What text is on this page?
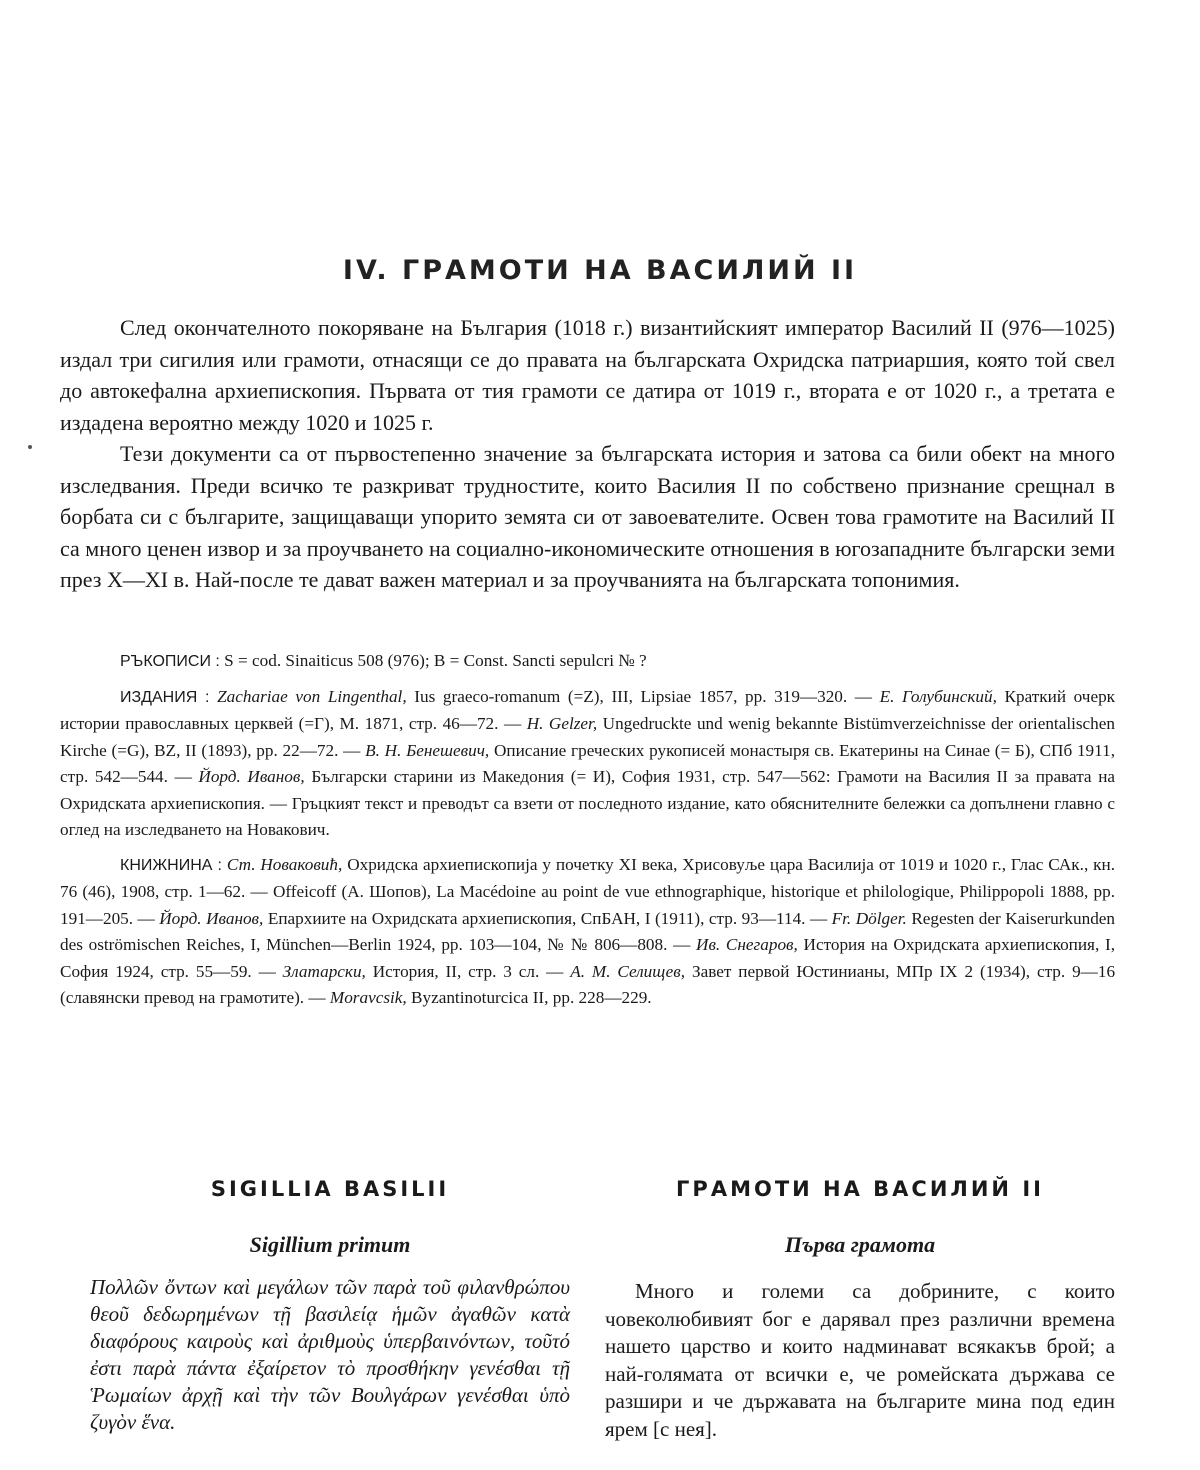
IV. ГРАМОТИ НА ВАСИЛИЙ II

След окончателното покоряване на България (1018 г.) византийският император Василий II (976—1025) издал три сигилия или грамоти, отнасящи се до правата на българската Охридска патриаршия, която той свел до автокефална архиепископия. Първата от тия грамоти се датира от 1019 г., втората е от 1020 г., а третата е издадена вероятно между 1020 и 1025 г.

Тези документи са от първостепенно значение за българската история и затова са били обект на много изследвания. Преди всичко те разкриват трудностите, които Василия II по собствено признание срещнал в борбата си с българите, защищаващи упорито земята си от завоевателите. Освен това грамотите на Василий II са много ценен извор и за проучването на социално-икономическите отношения в югозападните български земи през X—XI в. Най-после те дават важен материал и за проучванията на българската топонимия.

РЪКОПИСИ : S = cod. Sinaiticus 508 (976); B = Const. Sancti sepulcri № ?

ИЗДАНИЯ : Zachariae von Lingenthal, Ius graeco-romanum (=Z), III, Lipsiae 1857, pp. 319—320. — Е. Голубинский, Краткий очерк истории православных церквей (=Г), М. 1871, стр. 46—72. — H. Gelzer, Ungedruckte und wenig bekannte Bistümverzeichnisse der orientalischen Kirche (=G), BZ, II (1893), pp. 22—72. — В. Н. Бенешевич, Описание греческих рукописей монастыря св. Екатерины на Синае (= Б), СПб 1911, стр. 542—544. — Йорд. Иванов, Български старини из Македония (= И), София 1931, стр. 547—562: Грамоти на Василия II за правата на Охридската архиепископия. — Гръцкият текст и преводът са взети от последното издание, като обяснителните бележки са допълнени главно с оглед на изследването на Новакович.

КНИЖНИНА : Ст. Новаковић, Охридска архиепископија у почетку XI века, Хрисовуље цара Василија от 1019 и 1020 г., Глас САк., кн. 76 (46), 1908, стр. 1—62. — Offeicoff (А. Шопов), La Macédoine au point de vue ethnographique, historique et philologique, Philippopoli 1888, pp. 191—205. — Йорд. Иванов, Епархиите на Охридската архиепископия, СпБАН, I (1911), стр. 93—114. — Fr. Dölger. Regesten der Kaiserurkunden des oströmischen Reiches, I, München—Berlin 1924, pp. 103—104, № № 806—808. — Ив. Снегаров, История на Охридската архиепископия, I, София 1924, стр. 55—59. — Златарски, История, II, стр. 3 сл. — А. М. Селищев, Завет первой Юстинианы, МПр IX 2 (1934), стр. 9—16 (славянски превод на грамотите). — Moravcsik, Byzantinoturcica II, pp. 228—229.

SIGILLIA BASILII
Sigillium primum

Πολλῶν ὄντων καὶ μεγάλων τῶν παρὰ τοῦ φιλανθρώπου θεοῦ δεδωρημένων τῇ βασιλείᾳ ἡμῶν ἀγαθῶν κατὰ διαφόρους καιροὺς καὶ ἀριθμοὺς ὑπερβαινόντων, τοῦτό ἐστι παρὰ πάντα ἐξαίρετον τὸ προσθήκην γενέσθαι τῇ Ῥωμαίων ἀρχῇ καὶ τὴν τῶν Βουλγάρων γενέσθαι ὑπὸ ζυγὸν ἕνα.

ГРАМОТИ НА ВАСИЛИЙ II
Първа грамота

Много и големи са добрините, с които човеколюбивият бог е дарявал през различни времена нашето царство и които надминават всякакъв брой; а най-голямата от всички е, че ромейската държава се разшири и че държавата на българите мина под един ярем [с нея].
